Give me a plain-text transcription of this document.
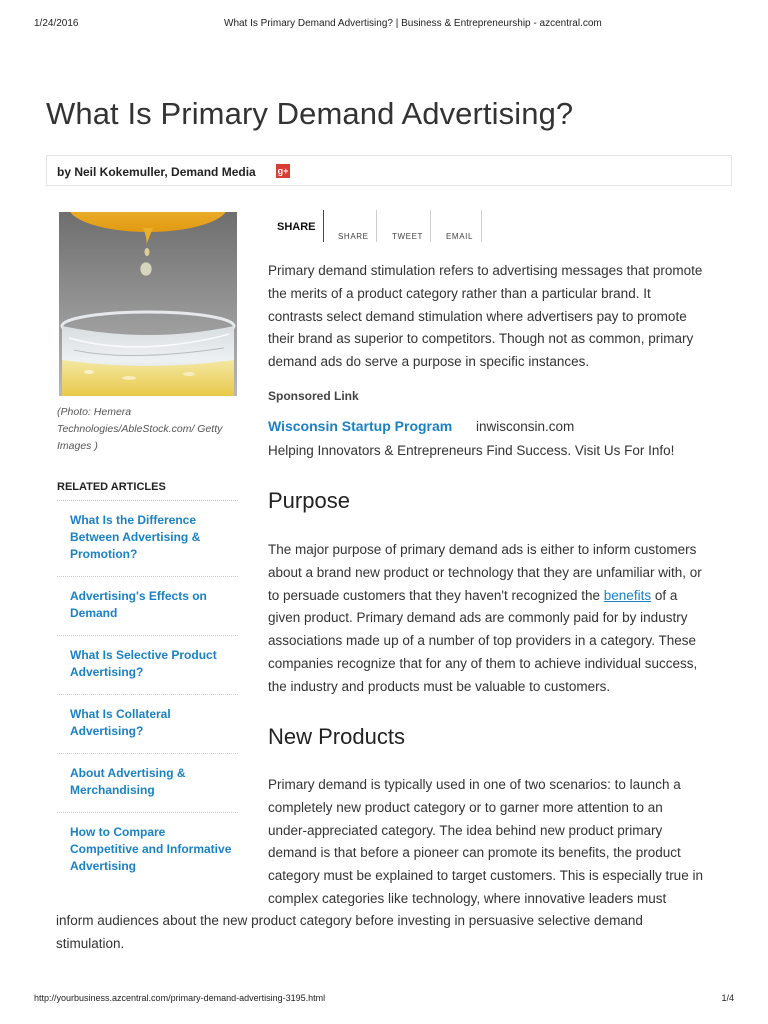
1/24/2016	What Is Primary Demand Advertising? | Business & Entrepreneurship - azcentral.com
What Is Primary Demand Advertising?
by Neil Kokemuller, Demand Media g+
(Photo: Hemera Technologies/AbleStock.com/ Getty Images )
RELATED ARTICLES
What Is the Difference
Between Advertising &
Promotion?
Advertising's Effects on
Demand
What Is Selective Product
Advertising?
What Is Collateral
Advertising?
About Advertising &
Merchandising
How to Compare
Competitive and Informative
Advertising
SHARE
SHARE	TWEET	EMAIL

Primary demand stimulation refers to advertising messages that promote
the merits of a product category rather than a particular brand. It
contrasts select demand stimulation where advertisers pay to promote
their brand as superior to competitors. Though not as common, primary
demand ads do serve a purpose in specific instances.

Sponsored Link
Wisconsin Startup Program inwisconsin.com
Helping Innovators & Entrepreneurs Find Success. Visit Us For Info!
Purpose

The major purpose of primary demand ads is either to inform customers
about a brand new product or technology that they are unfamiliar with, or
to persuade customers that they haven't recognized the benefits of a
given product. Primary demand ads are commonly paid for by industry
associations made up of a number of top providers in a category. These
companies recognize that for any of them to achieve individual success,
the industry and products must be valuable to customers.

New Products

Primary demand is typically used in one of two scenarios: to launch a
completely new product category or to garner more attention to an
under-appreciated category. The idea behind new product primary
demand is that before a pioneer can promote its benefits, the product
category must be explained to target customers. This is especially true in
complex categories like technology, where innovative leaders must

inform audiences about the new product category before investing in persuasive selective demand
stimulation.

http://yourbusiness.azcentral.com/primary-demand-advertising-3195.html	1/4
